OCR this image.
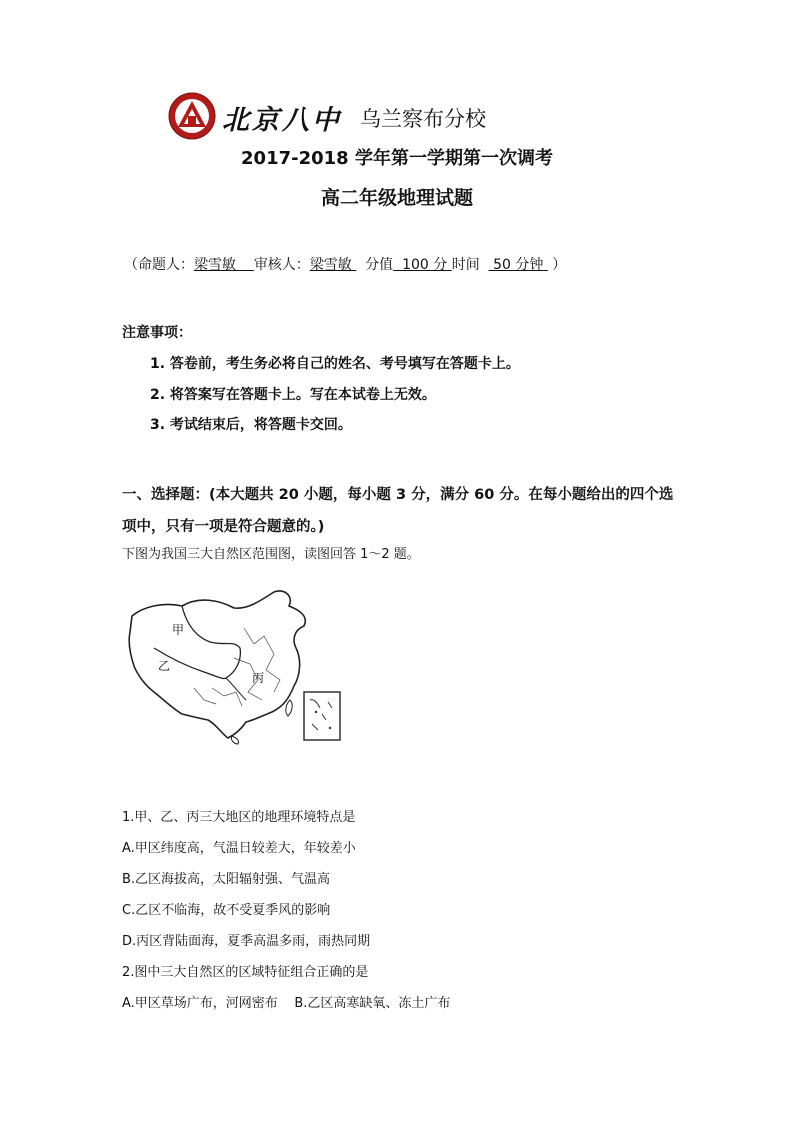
北京八中 乌兰察布分校
2017-2018 学年第一学期第一次调考
高二年级地理试题
（命题人：梁雪敏 审核人：梁雪敏 分值 100 分 时间 50 分钟 ）
注意事项：
1. 答卷前，考生务必将自己的姓名、考号填写在答题卡上。
2. 将答案写在答题卡上。写在本试卷上无效。
3. 考试结束后，将答题卡交回。
一、选择题：(本大题共 20 小题，每小题 3 分，满分 60 分。在每小题给出的四个选项中，只有一项是符合题意的。)
下图为我国三大自然区范围图，读图回答 1～2 题。
甲
乙
丙
1.甲、乙、丙三大地区的地理环境特点是
A.甲区纬度高，气温日较差大，年较差小
B.乙区海拔高，太阳辐射强、气温高
C.乙区不临海，故不受夏季风的影响
D.丙区背陆面海，夏季高温多雨，雨热同期
2.图中三大自然区的区域特征组合正确的是
A.甲区草场广布，河网密布    B.乙区高寒缺氧、冻土广布
